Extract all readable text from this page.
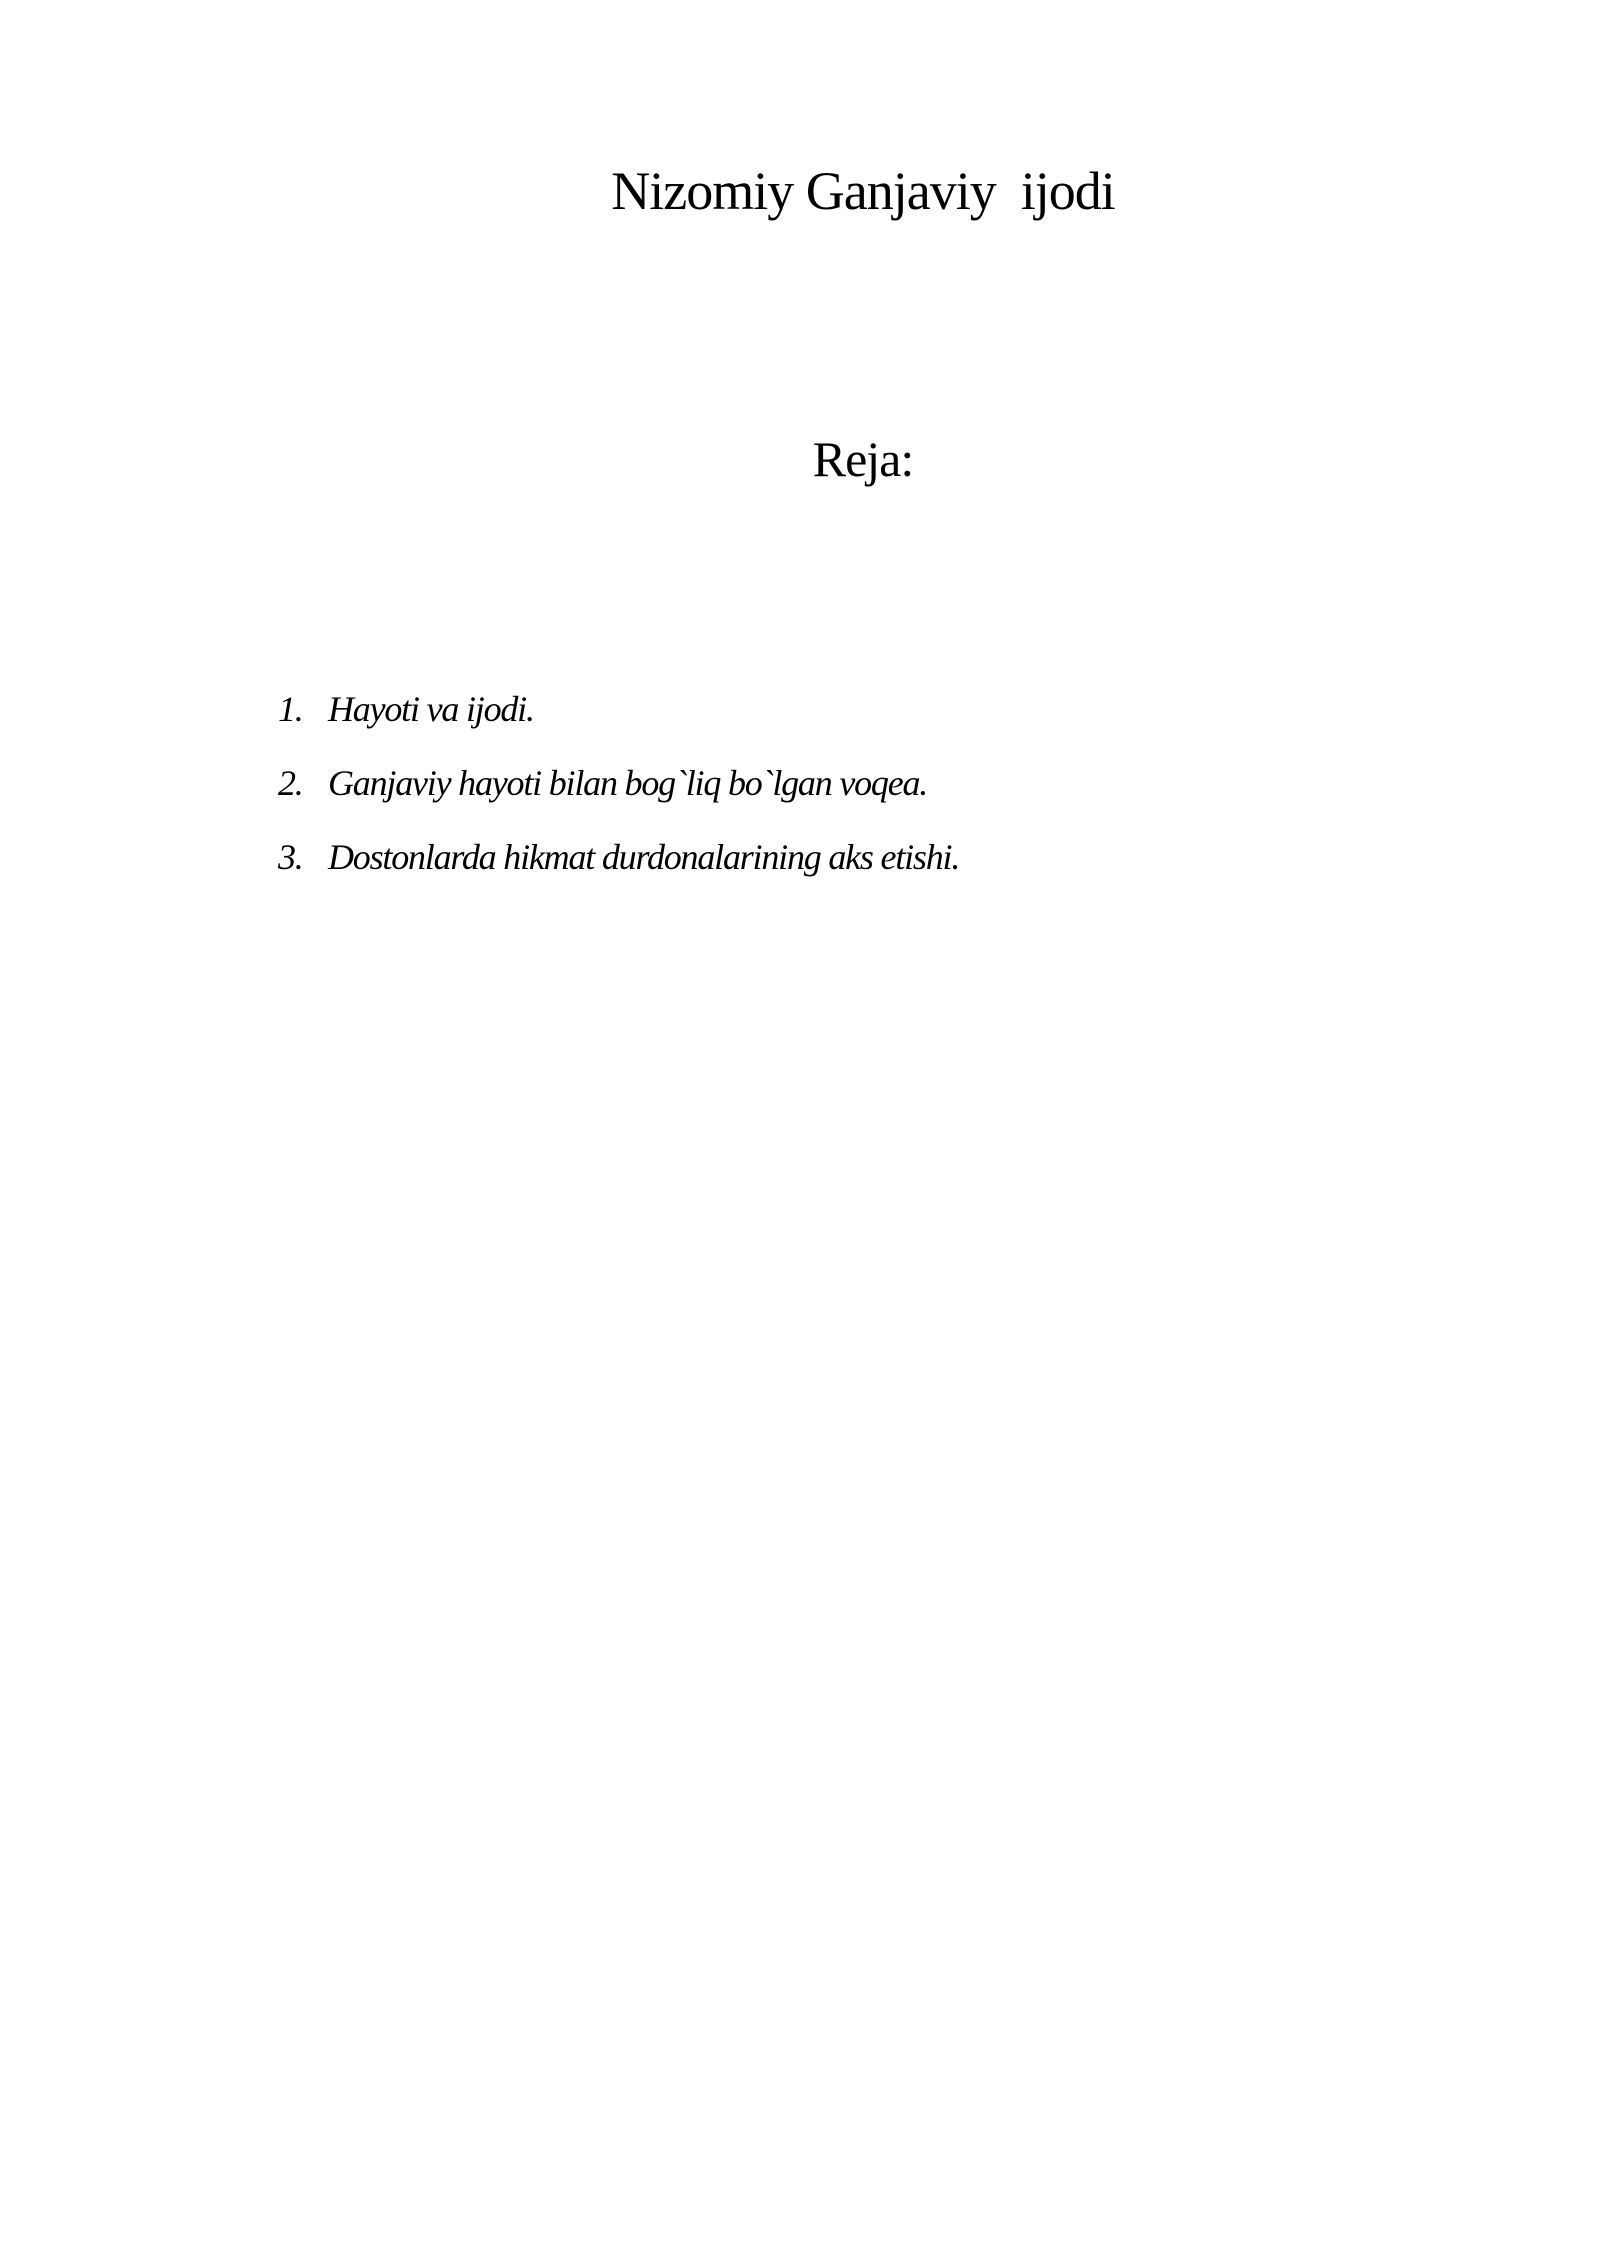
Nizomiy Ganjaviy  ijodi
Reja:
1. Hayoti va ijodi.
2. Ganjaviy hayoti bilan bog`liq bo`lgan voqea.
3. Dostonlarda hikmat durdonalarining aks etishi.
